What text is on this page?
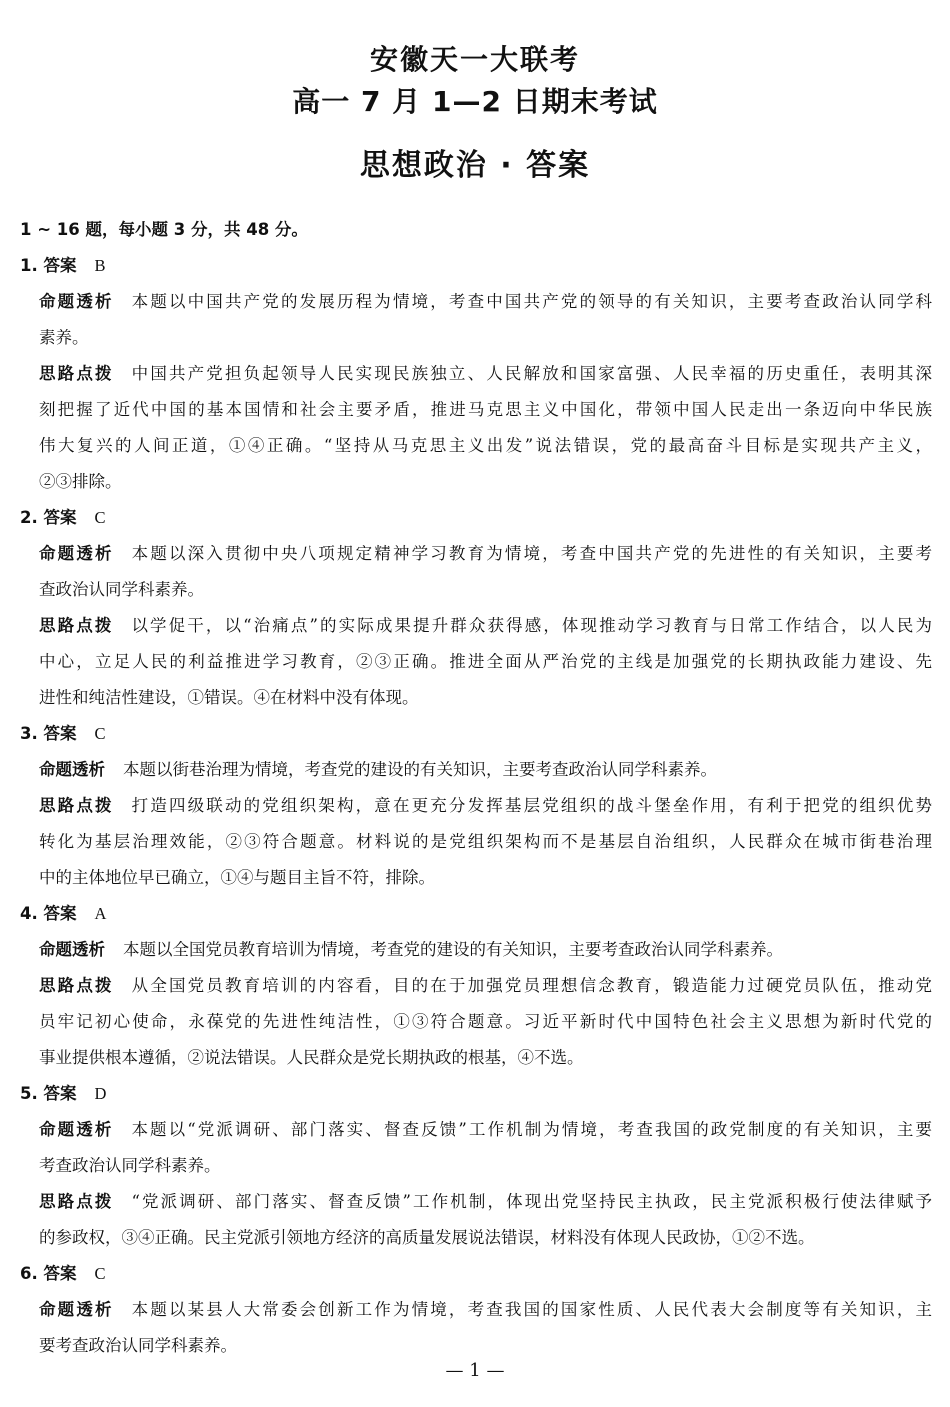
安徽天一大联考
高一 7 月 1—2 日期末考试
思想政治 · 答案
1 ~ 16 题，每小题 3 分，共 48 分。
1. 答案 B
命题透析 本题以中国共产党的发展历程为情境，考查中国共产党的领导的有关知识，主要考查政治认同学科
素养。
思路点拨 中国共产党担负起领导人民实现民族独立、人民解放和国家富强、人民幸福的历史重任，表明其深
刻把握了近代中国的基本国情和社会主要矛盾，推进马克思主义中国化，带领中国人民走出一条迈向中华民族
伟大复兴的人间正道，①④正确。“坚持从马克思主义出发”说法错误，党的最高奋斗目标是实现共产主义，
②③排除。
2. 答案 C
命题透析 本题以深入贯彻中央八项规定精神学习教育为情境，考查中国共产党的先进性的有关知识，主要考
查政治认同学科素养。
思路点拨 以学促干，以“治痛点”的实际成果提升群众获得感，体现推动学习教育与日常工作结合，以人民为
中心，立足人民的利益推进学习教育，②③正确。推进全面从严治党的主线是加强党的长期执政能力建设、先
进性和纯洁性建设，①错误。④在材料中没有体现。
3. 答案 C
命题透析 本题以街巷治理为情境，考查党的建设的有关知识，主要考查政治认同学科素养。
思路点拨 打造四级联动的党组织架构，意在更充分发挥基层党组织的战斗堡垒作用，有利于把党的组织优势
转化为基层治理效能，②③符合题意。材料说的是党组织架构而不是基层自治组织，人民群众在城市街巷治理
中的主体地位早已确立，①④与题目主旨不符，排除。
4. 答案 A
命题透析 本题以全国党员教育培训为情境，考查党的建设的有关知识，主要考查政治认同学科素养。
思路点拨 从全国党员教育培训的内容看，目的在于加强党员理想信念教育，锻造能力过硬党员队伍，推动党
员牢记初心使命，永葆党的先进性纯洁性，①③符合题意。习近平新时代中国特色社会主义思想为新时代党的
事业提供根本遵循，②说法错误。人民群众是党长期执政的根基，④不选。
5. 答案 D
命题透析 本题以“党派调研、部门落实、督查反馈”工作机制为情境，考查我国的政党制度的有关知识，主要
考查政治认同学科素养。
思路点拨 “党派调研、部门落实、督查反馈”工作机制，体现出党坚持民主执政，民主党派积极行使法律赋予
的参政权，③④正确。民主党派引领地方经济的高质量发展说法错误，材料没有体现人民政协，①②不选。
6. 答案 C
命题透析 本题以某县人大常委会创新工作为情境，考查我国的国家性质、人民代表大会制度等有关知识，主
要考查政治认同学科素养。
— 1 —
